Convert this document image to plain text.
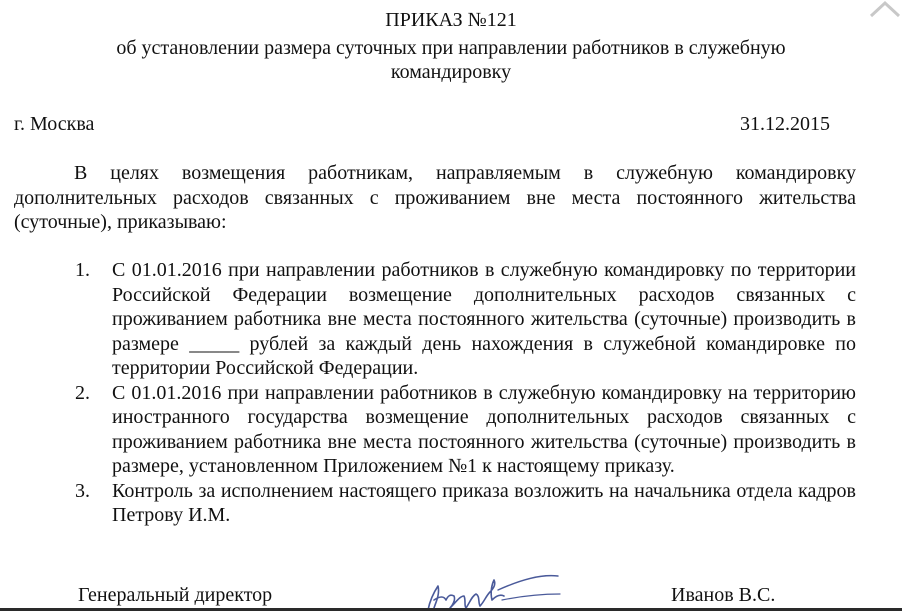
ПРИКАЗ №121
об установлении размера суточных при направлении работников в служебную
командировку
г. Москва	31.12.2015

В целях возмещения работникам, направляемым в служебную командировку дополнительных расходов связанных с проживанием вне места постоянного жительства (суточные), приказываю:

1. С 01.01.2016 при направлении работников в служебную командировку по территории Российской Федерации возмещение дополнительных расходов связанных с проживанием работника вне места постоянного жительства (суточные) производить в размере _____ рублей за каждый день нахождения в служебной командировке по территории Российской Федерации.
2. С 01.01.2016 при направлении работников в служебную командировку на территорию иностранного государства возмещение дополнительных расходов связанных с проживанием работника вне места постоянного жительства (суточные) производить в размере, установленном Приложением №1 к настоящему приказу.
3. Контроль за исполнением настоящего приказа возложить на начальника отдела кадров Петрову И.М.
Генеральный директор	Иванов В.С.
